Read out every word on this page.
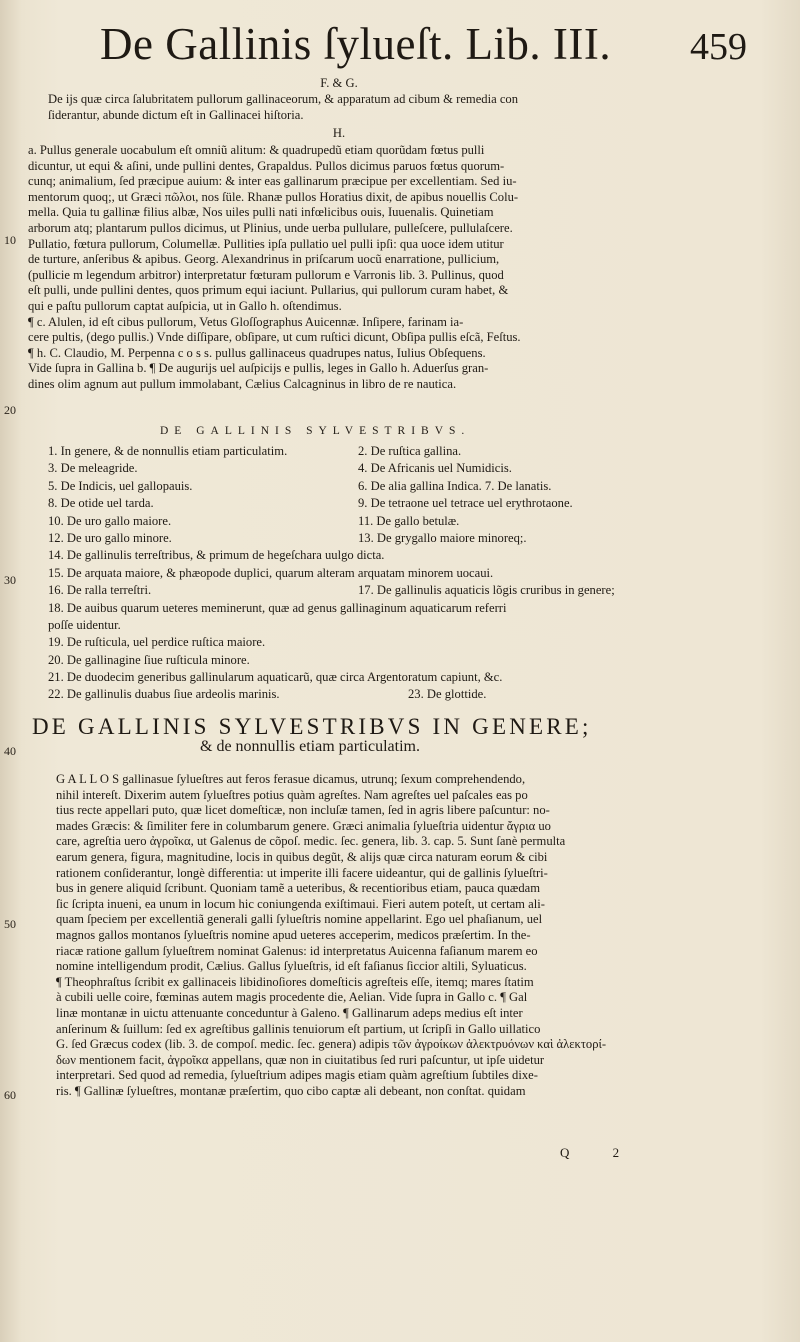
De Gallinis ſylueſt. Lib. III.	459
F. & G.
De ijs quæ circa ſalubritatem pullorum gallinaceorum, & apparatum ad cibum & remedia con
ſiderantur, abunde dictum eſt in Gallinacei hiſtoria.
H.
a. Pullus generale uocabulum eſt omniũ alitum: & quadrupedũ etiam quorũdam fœtus pulli
dicuntur, ut equi & aſini, unde pullini dentes, Grapaldus. Pullos dicimus paruos fœtus quorum-
cunq; animalium, ſed præcipue auium: & inter eas gallinarum præcipue per excellentiam. Sed iu-
mentorum quoq;, ut Græci πῶλοι, nos ſüle. Rhanæ pullos Horatius dixit, de apibus nouellis Colu-
mella. Quia tu gallinæ filius albæ, Nos uiles pulli nati infœlicibus ouis, Iuuenalis. Quinetiam
arborum atq; plantarum pullos dicimus, ut Plinius, unde uerba pullulare, pulleſcere, pullulaſcere.
Pullatio, fœtura pullorum, Columellæ. Pullities ipſa pullatio uel pulli ipſi: qua uoce idem utitur
de turture, anſeribus & apibus. Georg. Alexandrinus in priſcarum uocũ enarratione, pullicium,
(pullicie m legendum arbitror) interpretatur fœturam pullorum e Varronis lib. 3. Pullinus, quod
eſt pulli, unde pullini dentes, quos primum equi iaciunt. Pullarius, qui pullorum curam habet, &
qui e paſtu pullorum captat auſpicia, ut in Gallo h. oſtendimus.
¶ c. Alulen, id eſt cibus pullorum, Vetus Gloſſographus Auicennæ. Inſipere, farinam ia-
cere pultis, (dego pullis.) Vnde diſſipare, obſipare, ut cum ruſtici dicunt, Obſipa pullis eſcã, Feſtus.
¶ h. C. Claudio, M. Perpenna c o s s. pullus gallinaceus quadrupes natus, Iulius Obſequens.
Vide ſupra in Gallina b. ¶ De augurijs uel auſpicijs e pullis, leges in Gallo h. Aduerſus gran-
dines olim agnum aut pullum immolabant, Cælius Calcagninus in libro de re nautica.
10
20
30
40
50
60
DE GALLINIS SYLVESTRIBVS.
1. In genere, & de nonnullis etiam particulatim.	2. De ruſtica gallina.
3. De meleagride.	4. De Africanis uel Numidicis.
5. De Indicis, uel gallopauis.	6. De alia gallina Indica. 7. De lanatis.
8. De otide uel tarda.	9. De tetraone uel tetrace uel erythrotaone.
10. De uro gallo maiore.	11. De gallo betulæ.
12. De uro gallo minore.	13. De grygallo maiore minoreq;.
14. De gallinulis terreſtribus, & primum de hegeſchara uulgo dicta.
15. De arquata maiore, & phæopode duplici, quarum alteram arquatam minorem uocaui.
16. De ralla terreſtri.	17. De gallinulis aquaticis lõgis cruribus in genere;
18. De auibus quarum ueteres meminerunt, quæ ad genus gallinaginum aquaticarum referri
poſſe uidentur.
19. De ruſticula, uel perdice ruſtica maiore.
20. De gallinagine ſiue ruſticula minore.
21. De duodecim generibus gallinularum aquaticarũ, quæ circa Argentoratum capiunt, &c.
22. De gallinulis duabus ſiue ardeolis marinis.	23. De glottide.
DE GALLINIS SYLVESTRIBVS IN GENERE;
& de nonnullis etiam particulatim.
G A L L O S gallinasue ſylueſtres aut feros ferasue dicamus, utrunq; ſexum comprehendendo,
nihil intereſt. Dixerim autem ſylueſtres potius quàm agreſtes. Nam agreſtes uel paſcales eas po
tius recte appellari puto, quæ licet domeſticæ, non incluſæ tamen, ſed in agris libere paſcuntur: no-
mades Græcis: & ſimiliter fere in columbarum genere. Græci animalia ſylueſtria uidentur ἄγρια uo
care, agreſtia uero ἀγροῖκα, ut Galenus de cõpoſ. medic. ſec. genera, lib. 3. cap. 5. Sunt ſanè permulta
earum genera, figura, magnitudine, locis in quibus degũt, & alijs quæ circa naturam eorum & cibi
rationem conſiderantur, longè differentia: ut imperite illi facere uideantur, qui de gallinis ſylueſtri-
bus in genere aliquid ſcribunt. Quoniam tamẽ a ueteribus, & recentioribus etiam, pauca quædam
ſic ſcripta inueni, ea unum in locum hic coniungenda exiſtimaui. Fieri autem poteſt, ut certam ali-
quam ſpeciem per excellentiã generali galli ſylueſtris nomine appellarint. Ego uel phaſianum, uel
magnos gallos montanos ſylueſtris nomine apud ueteres acceperim, medicos præſertim. In the-
riacæ ratione gallum ſylueſtrem nominat Galenus: id interpretatus Auicenna faſianum marem eo
nomine intelligendum prodit, Cælius. Gallus ſylueſtris, id eſt faſianus ſiccior altili, Syluaticus.
¶ Theophraſtus ſcribit ex gallinaceis libidinoſiores domeſticis agreſteis eſſe, itemq; mares ſtatim
à cubili uelle coire, fœminas autem magis procedente die, Aelian. Vide ſupra in Gallo c. ¶ Gal
linæ montanæ in uictu attenuante conceduntur à Galeno. ¶ Gallinarum adeps medius eſt inter
anſerinum & ſuillum: ſed ex agreſtibus gallinis tenuiorum eſt partium, ut ſcripſi in Gallo uillatico
G. ſed Græcus codex (lib. 3. de compoſ. medic. ſec. genera) adipis τῶν ἀγροίκων ἀλεκτρυόνων καὶ ἀλεκτορί-
δων mentionem facit, ἀγροῖκα appellans, quæ non in ciuitatibus ſed ruri paſcuntur, ut ipſe uidetur
interpretari. Sed quod ad remedia, ſylueſtrium adipes magis etiam quàm agreſtium ſubtiles dixe-
ris. ¶ Gallinæ ſylueſtres, montanæ præſertim, quo cibo captæ ali debeant, non conſtat. quidam
Q 2
